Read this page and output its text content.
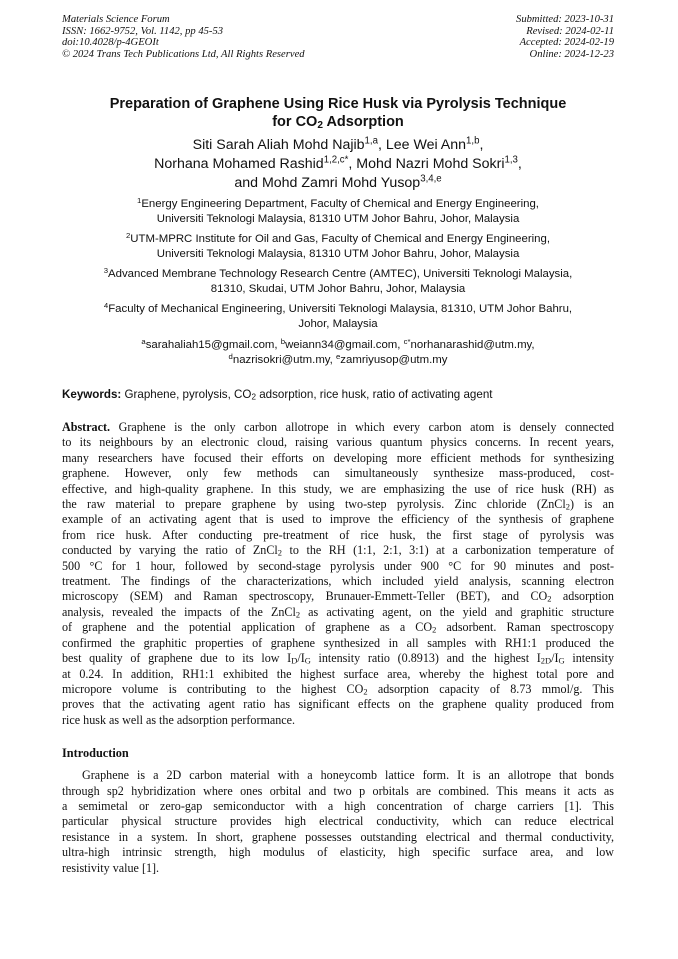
Materials Science Forum
ISSN: 1662-9752, Vol. 1142, pp 45-53
doi:10.4028/p-4GEOIt
© 2024 Trans Tech Publications Ltd, All Rights Reserved
Submitted: 2023-10-31
Revised: 2024-02-11
Accepted: 2024-02-19
Online: 2024-12-23
Preparation of Graphene Using Rice Husk via Pyrolysis Technique
for $CO_2$ Adsorption
Siti Sarah Aliah Mohd Najib$^{1,a}$, Lee Wei Ann$^{1,b}$,
Norhana Mohamed Rashid$^{1,2,c*}$, Mohd Nazri Mohd Sokri$^{1,3}$,
and Mohd Zamri Mohd Yusop$^{3,4,e}$
$^1$Energy Engineering Department, Faculty of Chemical and Energy Engineering,
Universiti Teknologi Malaysia, 81310 UTM Johor Bahru, Johor, Malaysia
$^2$UTM-MPRC Institute for Oil and Gas, Faculty of Chemical and Energy Engineering,
Universiti Teknologi Malaysia, 81310 UTM Johor Bahru, Johor, Malaysia
$^3$Advanced Membrane Technology Research Centre (AMTEC), Universiti Teknologi Malaysia,
81310, Skudai, UTM Johor Bahru, Johor, Malaysia
$^4$Faculty of Mechanical Engineering, Universiti Teknologi Malaysia, 81310, UTM Johor Bahru,
Johor, Malaysia
$^a$sarahaliah15@gmail.com, $^b$weiann34@gmail.com, $^{c*}$norhanarashid@utm.my,
$^d$nazrisokri@utm.my, $^e$zamriyusop@utm.my
Keywords: Graphene, pyrolysis, $CO_2$ adsorption, rice husk, ratio of activating agent
Abstract. Graphene is the only carbon allotrope in which every carbon atom is densely connected
to its neighbours by an electronic cloud, raising various quantum physics concerns. In recent years,
many researchers have focused their efforts on developing more efficient methods for synthesizing
graphene. However, only few methods can simultaneously synthesize mass-produced, cost-
effective, and high-quality graphene. In this study, we are emphasizing the use of rice husk (RH) as
the raw material to prepare graphene by using two-step pyrolysis. Zinc chloride (ZnCl$_2$) is an
example of an activating agent that is used to improve the efficiency of the synthesis of graphene
from rice husk. After conducting pre-treatment of rice husk, the first stage of pyrolysis was
conducted by varying the ratio of ZnCl$_2$ to the RH (1:1, 2:1, 3:1) at a carbonization temperature of
500 °C for 1 hour, followed by second-stage pyrolysis under 900 °C for 90 minutes and post-
treatment. The findings of the characterizations, which included yield analysis, scanning electron
microscopy (SEM) and Raman spectroscopy, Brunauer-Emmett-Teller (BET), and $CO_2$ adsorption
analysis, revealed the impacts of the ZnCl$_2$ as activating agent, on the yield and graphitic structure
of graphene and the potential application of graphene as a $CO_2$ adsorbent. Raman spectroscopy
confirmed the graphitic properties of graphene synthesized in all samples with RH1:1 produced the
best quality of graphene due to its low $I_D/I_G$ intensity ratio (0.8913) and the highest $I_{2D}/I_G$ intensity
at 0.24. In addition, RH1:1 exhibited the highest surface area, whereby the highest total pore and
micropore volume is contributing to the highest $CO_2$ adsorption capacity of 8.73 mmol/g. This
proves that the activating agent ratio has significant effects on the graphene quality produced from
rice husk as well as the adsorption performance.
Introduction
Graphene is a 2D carbon material with a honeycomb lattice form. It is an allotrope that bonds
through sp2 hybridization where ones orbital and two p orbitals are combined. This means it acts as
a semimetal or zero-gap semiconductor with a high concentration of charge carriers [1]. This
particular physical structure provides high electrical conductivity, which can reduce electrical
resistance in a system. In short, graphene possesses outstanding electrical and thermal conductivity,
ultra-high intrinsic strength, high modulus of elasticity, high specific surface area, and low
resistivity value [1].
